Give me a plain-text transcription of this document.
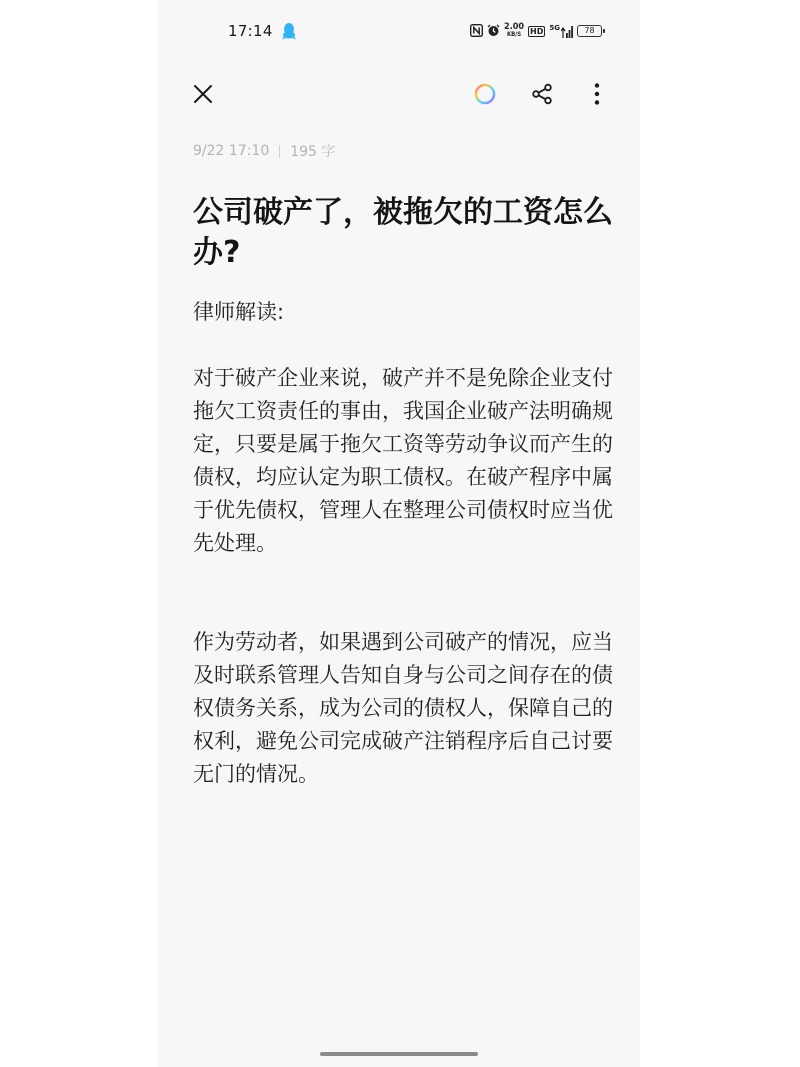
17:14	2.00
KB/S HD 5G	78
9/22 17:10 195 字
公司破产了，被拖欠的工资怎么办?

律师解读:

对于破产企业来说，破产并不是免除企业支付拖欠工资责任的事由，我国企业破产法明确规定，只要是属于拖欠工资等劳动争议而产生的债权，均应认定为职工债权。在破产程序中属于优先债权，管理人在整理公司债权时应当优先处理。

作为劳动者，如果遇到公司破产的情况，应当及时联系管理人告知自身与公司之间存在的债权债务关系，成为公司的债权人，保障自己的权利，避免公司完成破产注销程序后自己讨要无门的情况。
